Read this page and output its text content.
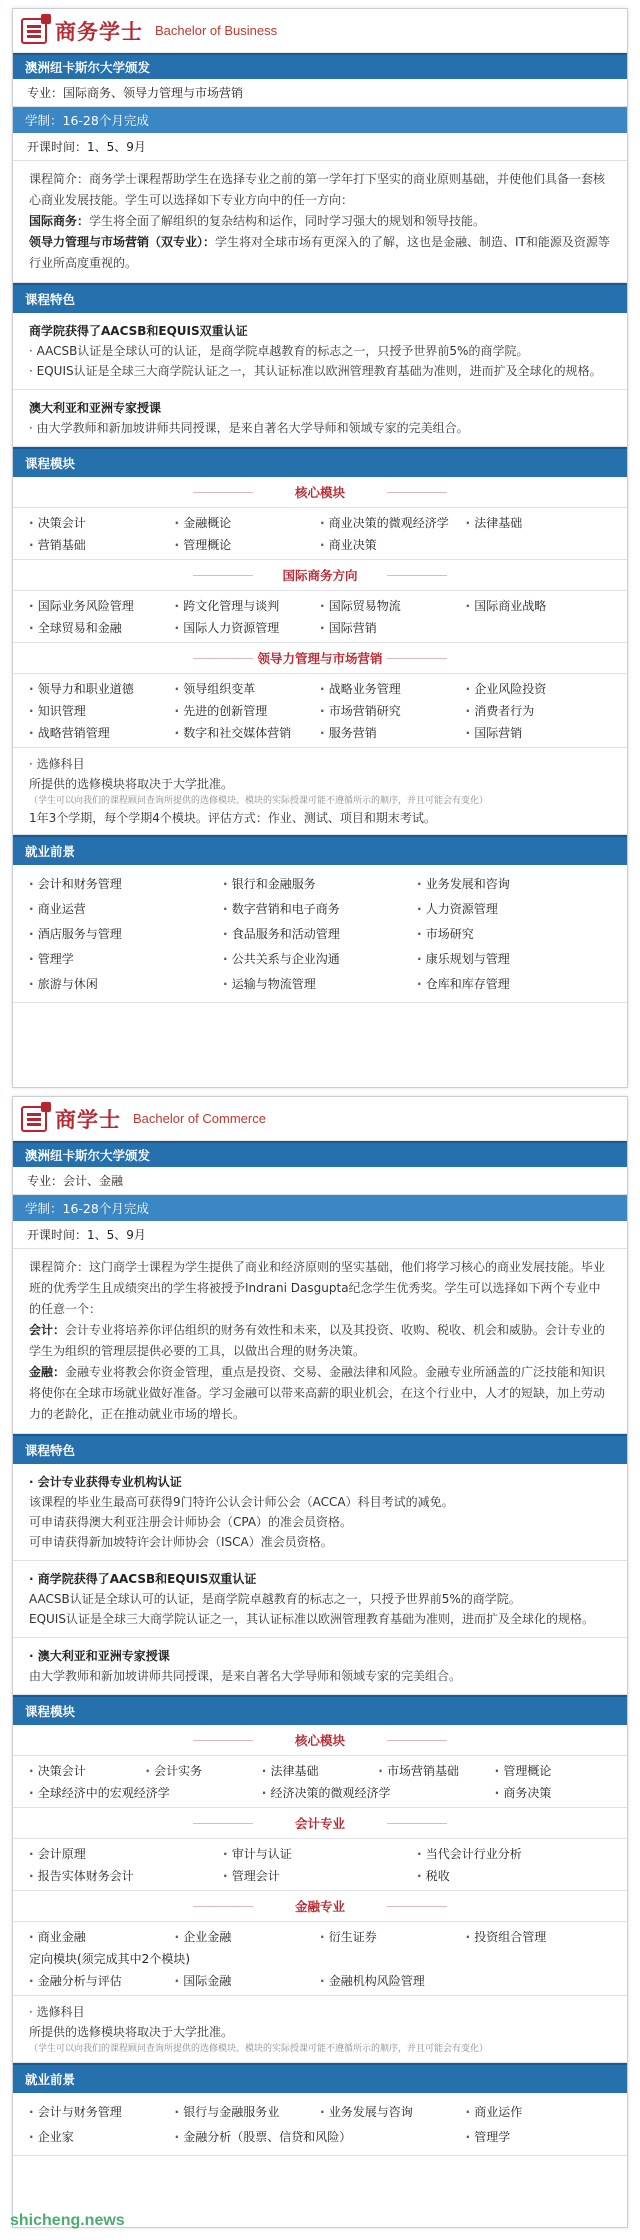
商务学士 Bachelor of Business
澳洲纽卡斯尔大学颁发
专业：国际商务、领导力管理与市场营销
学制：16-28个月完成
开课时间：1、5、9月
课程简介：商务学士课程帮助学生在选择专业之前的第一学年打下坚实的商业原则基础，并使他们具备一套核心商业发展技能。学生可以选择如下专业方向中的任一方向：
国际商务：学生将全面了解组织的复杂结构和运作，同时学习强大的规划和领导技能。
领导力管理与市场营销（双专业）：学生将对全球市场有更深入的了解，这也是金融、制造、IT和能源及资源等行业所高度重视的。
课程特色
商学院获得了AACSB和EQUIS双重认证
· AACSB认证是全球认可的认证，是商学院卓越教育的标志之一，只授予世界前5%的商学院。
· EQUIS认证是全球三大商学院认证之一，其认证标准以欧洲管理教育基础为准则，进而扩及全球化的规格。
澳大利亚和亚洲专家授课
· 由大学教师和新加坡讲师共同授课，是来自著名大学导师和领域专家的完美组合。
课程模块
核心模块
· 决策会计	· 金融概论	· 商业决策的微观经济学	· 法律基础
· 营销基础	· 管理概论	· 商业决策
国际商务方向
· 国际业务风险管理	· 跨文化管理与谈判	· 国际贸易物流	· 国际商业战略
· 全球贸易和金融	· 国际人力资源管理	· 国际营销
领导力管理与市场营销
· 领导力和职业道德	· 领导组织变革	· 战略业务管理	· 企业风险投资
· 知识管理	· 先进的创新管理	· 市场营销研究	· 消费者行为
· 战略营销管理	· 数字和社交媒体营销	· 服务营销	· 国际营销
· 选修科目
所提供的选修模块将取决于大学批准。
（学生可以向我们的课程顾问查询所提供的选修模块。模块的实际授课可能不遵循所示的顺序，并且可能会有变化）
1年3个学期，每个学期4个模块。评估方式：作业、测试、项目和期末考试。
就业前景
· 会计和财务管理	· 银行和金融服务	· 业务发展和咨询
· 商业运营	· 数字营销和电子商务	· 人力资源管理
· 酒店服务与管理	· 食品服务和活动管理	· 市场研究
· 管理学	· 公共关系与企业沟通	· 康乐规划与管理
· 旅游与休闲	· 运输与物流管理	· 仓库和库存管理
商学士 Bachelor of Commerce
澳洲纽卡斯尔大学颁发
专业：会计、金融
学制：16-28个月完成
开课时间：1、5、9月
课程简介：这门商学士课程为学生提供了商业和经济原则的坚实基础，他们将学习核心的商业发展技能。毕业班的优秀学生且成绩突出的学生将被授予Indrani Dasgupta纪念学生优秀奖。学生可以选择如下两个专业中的任意一个：
会计：会计专业将培养你评估组织的财务有效性和未来，以及其投资、收购、税收、机会和威胁。会计专业的学生为组织的管理层提供必要的工具，以做出合理的财务决策。
金融：金融专业将教会你资金管理，重点是投资、交易、金融法律和风险。金融专业所涵盖的广泛技能和知识将使你在全球市场就业做好准备。学习金融可以带来高薪的职业机会，在这个行业中，人才的短缺，加上劳动力的老龄化，正在推动就业市场的增长。
课程特色
· 会计专业获得专业机构认证
该课程的毕业生最高可获得9门特许公认会计师公会（ACCA）科目考试的减免。
可申请获得澳大利亚注册会计师协会（CPA）的准会员资格。
可申请获得新加坡特许会计师协会（ISCA）准会员资格。
· 商学院获得了AACSB和EQUIS双重认证
AACSB认证是全球认可的认证，是商学院卓越教育的标志之一，只授予世界前5%的商学院。
EQUIS认证是全球三大商学院认证之一，其认证标准以欧洲管理教育基础为准则，进而扩及全球化的规格。
· 澳大利亚和亚洲专家授课
由大学教师和新加坡讲师共同授课，是来自著名大学导师和领域专家的完美组合。
课程模块
核心模块
· 决策会计	· 会计实务	· 法律基础	· 市场营销基础	· 管理概论
· 全球经济中的宏观经济学	· 经济决策的微观经济学	· 商务决策
会计专业
· 会计原理	· 审计与认证	· 当代会计行业分析
· 报告实体财务会计	· 管理会计	· 税收
金融专业
· 商业金融	· 企业金融	· 衍生证券	· 投资组合管理
定向模块(须完成其中2个模块)
· 金融分析与评估	· 国际金融	· 金融机构风险管理
· 选修科目
所提供的选修模块将取决于大学批准。
（学生可以向我们的课程顾问查询所提供的选修模块。模块的实际授课可能不遵循所示的顺序，并且可能会有变化）
就业前景
· 会计与财务管理	· 银行与金融服务业	· 业务发展与咨询	· 商业运作
· 企业家	· 金融分析（股票、信贷和风险）	· 管理学
shicheng.news
